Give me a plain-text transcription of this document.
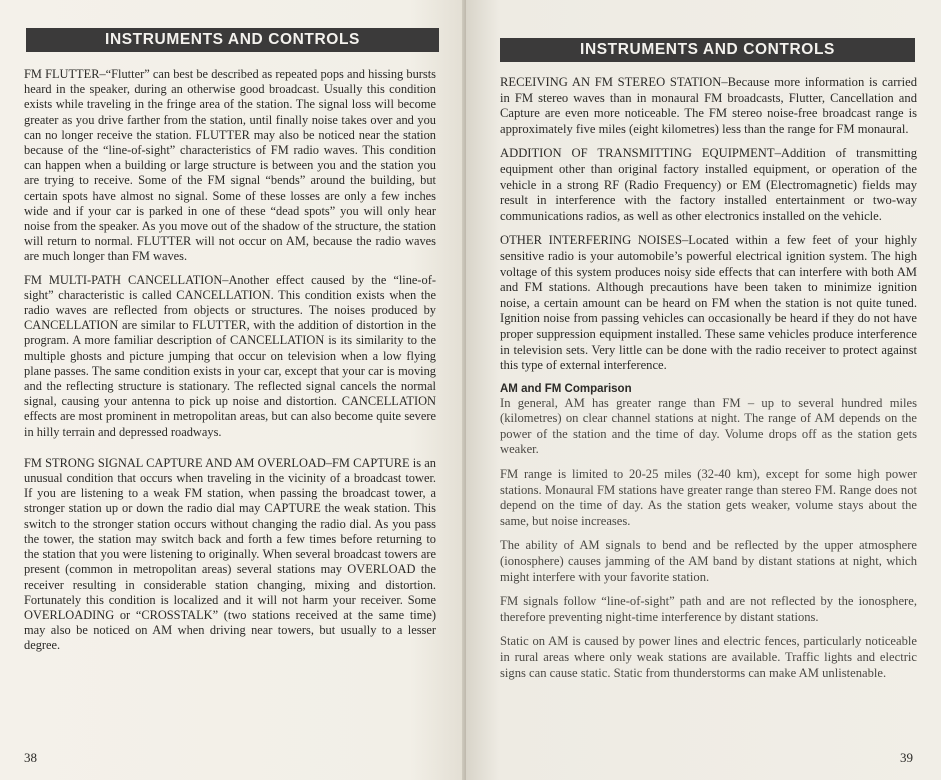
INSTRUMENTS AND CONTROLS

FM FLUTTER–“Flutter” can best be described as repeated pops and hissing bursts heard in the speaker, during an otherwise good broadcast. Usually this condition exists while traveling in the fringe area of the station. The signal loss will become greater as you drive farther from the station, until finally noise takes over and you can no longer receive the station. FLUTTER may also be noticed near the station because of the “line-of-sight” characteristics of FM radio waves. This condition can happen when a building or large structure is between you and the station you are trying to receive. Some of the FM signal “bends” around the building, but certain spots have almost no signal. Some of these losses are only a few inches wide and if your car is parked in one of these “dead spots” you will only hear noise from the speaker. As you move out of the shadow of the structure, the station will return to normal. FLUTTER will not occur on AM, because the radio waves are much longer than FM waves.

FM MULTI-PATH CANCELLATION–Another effect caused by the “line-of-sight” characteristic is called CANCELLATION. This condition exists when the radio waves are reflected from objects or structures. The noises produced by CANCELLATION are similar to FLUTTER, with the addition of distortion in the program. A more familiar description of CANCELLATION is its similarity to the multiple ghosts and picture jumping that occur on television when a low flying plane passes. The same condition exists in your car, except that your car is moving and the reflecting structure is stationary. The reflected signal cancels the normal signal, causing your antenna to pick up noise and distortion. CANCELLATION effects are most prominent in metropolitan areas, but can also become quite severe in hilly terrain and depressed roadways.

FM STRONG SIGNAL CAPTURE AND AM OVERLOAD–FM CAPTURE is an unusual condition that occurs when traveling in the vicinity of a broadcast tower. If you are listening to a weak FM station, when passing the broadcast tower, a stronger station up or down the radio dial may CAPTURE the weak station. This switch to the stronger station occurs without changing the radio dial. As you pass the tower, the station may switch back and forth a few times before returning to the station that you were listening to originally. When several broadcast towers are present (common in metropolitan areas) several stations may OVERLOAD the receiver resulting in considerable station changing, mixing and distortion. Fortunately this condition is localized and it will not harm your receiver. Some OVERLOADING or “CROSSTALK” (two stations received at the same time) may also be noticed on AM when driving near towers, but usually to a lesser degree.

38
INSTRUMENTS AND CONTROLS

RECEIVING AN FM STEREO STATION–Because more information is carried in FM stereo waves than in monaural FM broadcasts, Flutter, Cancellation and Capture are even more noticeable. The FM stereo noise-free broadcast range is approximately five miles (eight kilometres) less than the range for FM monaural.

ADDITION OF TRANSMITTING EQUIPMENT–Addition of transmitting equipment other than original factory installed equipment, or operation of the vehicle in a strong RF (Radio Frequency) or EM (Electromagnetic) fields may result in interference with the factory installed entertainment or two-way communications radios, as well as other electronics installed on the vehicle.

OTHER INTERFERING NOISES–Located within a few feet of your highly sensitive radio is your automobile’s powerful electrical ignition system. The high voltage of this system produces noisy side effects that can interfere with both AM and FM stations. Although precautions have been taken to minimize ignition noise, a certain amount can be heard on FM when the station is not quite tuned. Ignition noise from passing vehicles can occasionally be heard if they do not have proper suppression equipment installed. These same vehicles produce interference in television sets. Very little can be done with the radio receiver to protect against this type of external interference.

AM and FM Comparison

In general, AM has greater range than FM – up to several hundred miles (kilometres) on clear channel stations at night. The range of AM depends on the power of the station and the time of day. Volume drops off as the station gets weaker.

FM range is limited to 20-25 miles (32-40 km), except for some high power stations. Monaural FM stations have greater range than stereo FM. Range does not depend on the time of day. As the station gets weaker, volume stays about the same, but noise increases.

The ability of AM signals to bend and be reflected by the upper atmosphere (ionosphere) causes jamming of the AM band by distant stations at night, which might interfere with your favorite station.

FM signals follow “line-of-sight” path and are not reflected by the ionosphere, therefore preventing night-time interference by distant stations.

Static on AM is caused by power lines and electric fences, particularly noticeable in rural areas where only weak stations are available. Traffic lights and electric signs can cause static. Static from thunderstorms can make AM unlistenable.

39
